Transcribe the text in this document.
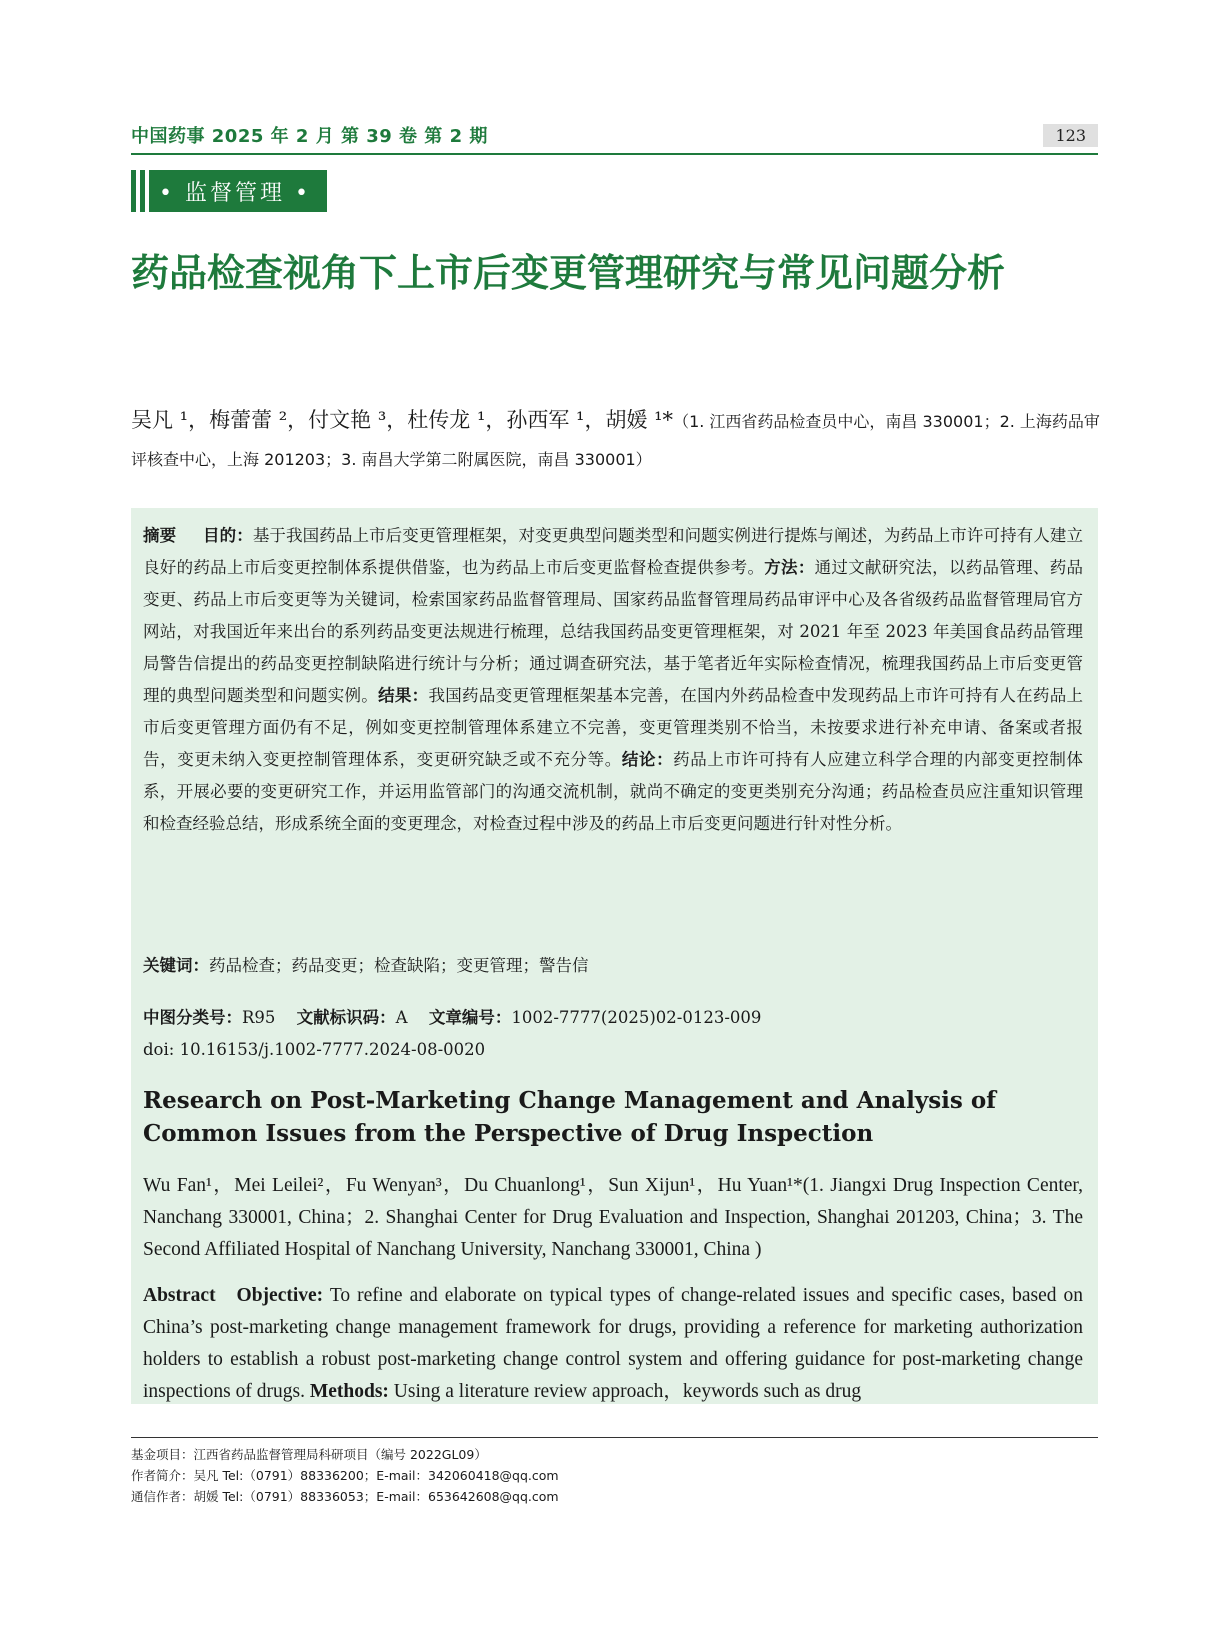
中国药事 2025 年 2 月 第 39 卷 第 2 期	123
• 监督管理 •
药品检查视角下上市后变更管理研究与常见问题分析
吴凡 ¹，梅蕾蕾 ²，付文艳 ³，杜传龙 ¹，孙西军 ¹，胡媛 ¹*（1. 江西省药品检查员中心，南昌 330001；2. 上海药品审评核查中心，上海 201203；3. 南昌大学第二附属医院，南昌 330001）

摘要 目的：基于我国药品上市后变更管理框架，对变更典型问题类型和问题实例进行提炼与阐述，为药品上市许可持有人建立良好的药品上市后变更控制体系提供借鉴，也为药品上市后变更监督检查提供参考。方法：通过文献研究法，以药品管理、药品变更、药品上市后变更等为关键词，检索国家药品监督管理局、国家药品监督管理局药品审评中心及各省级药品监督管理局官方网站，对我国近年来出台的系列药品变更法规进行梳理，总结我国药品变更管理框架，对 2021 年至 2023 年美国食品药品管理局警告信提出的药品变更控制缺陷进行统计与分析；通过调查研究法，基于笔者近年实际检查情况，梳理我国药品上市后变更管理的典型问题类型和问题实例。结果：我国药品变更管理框架基本完善，在国内外药品检查中发现药品上市许可持有人在药品上市后变更管理方面仍有不足，例如变更控制管理体系建立不完善，变更管理类别不恰当，未按要求进行补充申请、备案或者报告，变更未纳入变更控制管理体系，变更研究缺乏或不充分等。结论：药品上市许可持有人应建立科学合理的内部变更控制体系，开展必要的变更研究工作，并运用监管部门的沟通交流机制，就尚不确定的变更类别充分沟通；药品检查员应注重知识管理和检查经验总结，形成系统全面的变更理念，对检查过程中涉及的药品上市后变更问题进行针对性分析。

关键词：药品检查；药品变更；检查缺陷；变更管理；警告信

中图分类号：R95 文献标识码：A 文章编号：1002-7777(2025)02-0123-009
doi: 10.16153/j.1002-7777.2024-08-0020

Research on Post-Marketing Change Management and Analysis of Common Issues from the Perspective of Drug Inspection

Wu Fan¹，Mei Leilei²，Fu Wenyan³，Du Chuanlong¹，Sun Xijun¹，Hu Yuan¹*(1. Jiangxi Drug Inspection Center, Nanchang 330001, China；2. Shanghai Center for Drug Evaluation and Inspection, Shanghai 201203, China；3. The Second Affiliated Hospital of Nanchang University, Nanchang 330001, China )

Abstract Objective: To refine and elaborate on typical types of change-related issues and specific cases, based on China’s post-marketing change management framework for drugs, providing a reference for marketing authorization holders to establish a robust post-marketing change control system and offering guidance for post-marketing change inspections of drugs. Methods: Using a literature review approach，keywords such as drug

基金项目：江西省药品监督管理局科研项目（编号 2022GL09）
作者简介：吴凡 Tel:（0791）88336200；E-mail：342060418@qq.com
通信作者：胡媛 Tel:（0791）88336053；E-mail：653642608@qq.com
